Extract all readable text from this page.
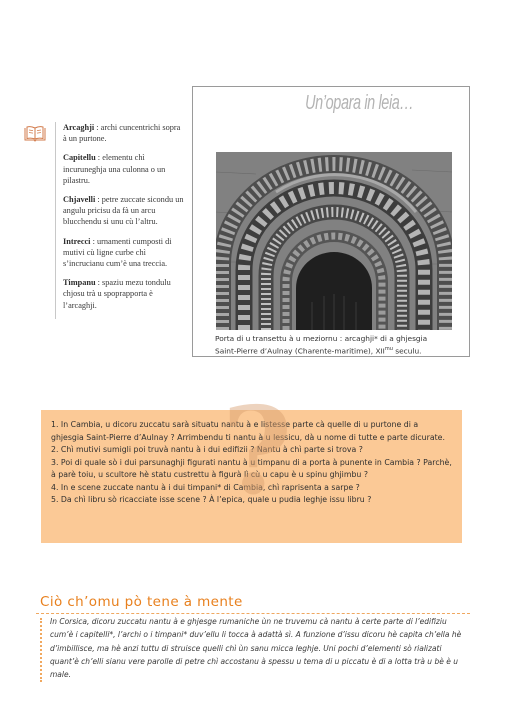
Arcaghji : archi cuncentrichi sopra à un purtone.

Capitellu : elementu chì incuruneghja una culonna o un pilastru.

Chjavelli : petre zuccate sicondu un angulu pricisu da fà un arcu blucchendu si unu cù l’altru.

Intrecci : urnamenti cumposti di mutivi cù ligne curbe chì s’incrucianu cum’è una treccia.

Timpanu : spaziu mezu tondulu chjosu trà u spoprapporta è l’arcaghji.

Un’opara in leia…
Porta di u transettu à u meziornu : arcaghji* di a ghjesgia
Saint-Pierre d’Aulnay (Charente-maritime), $XII^{mu}$ seculu.

1. In Cambia, u dicoru zuccatu sarà situatu nantu à e listesse parte cà quelle di u purtone di a ghjesgia Saint-Pierre d’Aulnay ? Arrimbendu ti nantu à u lessicu, dà u nome di tutte e parte dicurate.

2. Chì mutivi sumigli poi truvà nantu à i dui edifizii ? Nantu à chì parte si trova ?

3. Poi di quale sò i dui parsunaghji figurati nantu à u timpanu di a porta à punente in Cambia ? Parchè, à parè toiu, u scultore hè statu custrettu à figurà lì cù u capu è u spinu ghjimbu ?

4. In e scene zuccate nantu à i dui timpani* di Cambia, chì raprisenta a sarpe ?

5. Da chì libru sò ricacciate isse scene ? À l’epica, quale u pudia leghje issu libru ?

?
Ciò ch’omu pò tene à mente

In Corsica, dicoru zuccatu nantu à e ghjesge rumaniche ùn ne truvemu cà nantu à certe parte di l’edifiziu cum’è i capitelli*, l’archi o i timpani* duv’ellu li tocca à adattà sì. A funzione d’issu dicoru hè capita ch’ella hè d’imbillisce, ma hè anzi tuttu di struisce quelli chì ùn sanu micca leghje. Uni pochi d’elementi sò rializati quant’è ch’elli sianu vere parolle di petre chì accostanu à spessu u tema di u piccatu è di a lotta trà u bè è u male.
